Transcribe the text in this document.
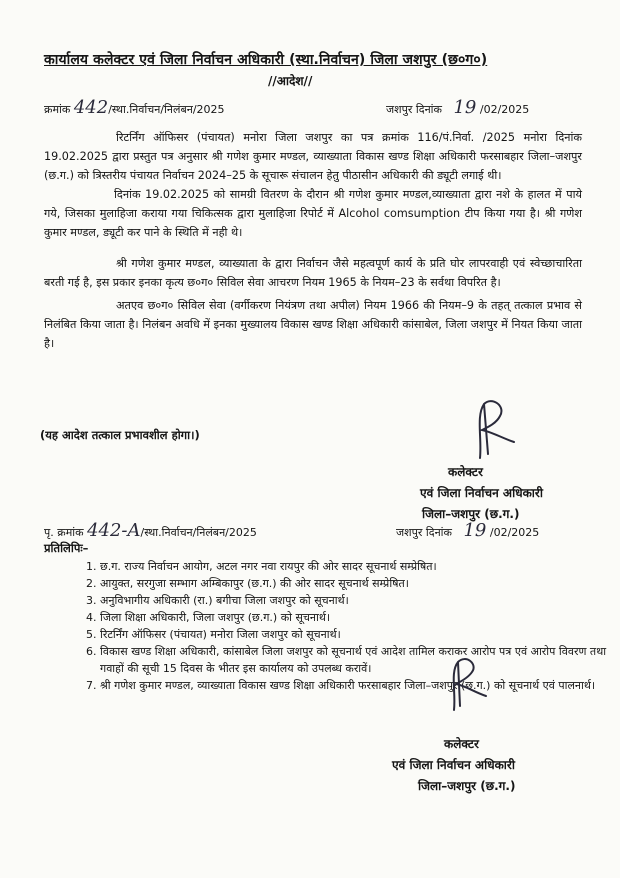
कार्यालय कलेक्टर एवं जिला निर्वाचन अधिकारी (स्था.निर्वाचन) जिला जशपुर (छ०ग०)
//आदेश//
क्रमांक 442/स्था.निर्वाचन/निलंबन/2025	जशपुर दिनांक 19 /02/2025

रिटर्निंग ऑफिसर (पंचायत) मनोरा जिला जशपुर का पत्र क्रमांक 116/पं.निर्वा. /2025 मनोरा दिनांक 19.02.2025 द्वारा प्रस्तुत पत्र अनुसार श्री गणेश कुमार मण्डल, व्याख्याता विकास खण्ड शिक्षा अधिकारी फरसाबहार जिला–जशपुर (छ.ग.) को त्रिस्तरीय पंचायत निर्वाचन 2024–25 के सूचारू संचालन हेतु पीठासीन अधिकारी की ड्यूटी लगाई थी।

दिनांक 19.02.2025 को सामग्री वितरण के दौरान श्री गणेश कुमार मण्डल,व्याख्याता द्वारा नशे के हालत में पाये गये, जिसका मुलाहिजा कराया गया चिकित्सक द्वारा मुलाहिजा रिपोर्ट में Alcohol comsumption टीप किया गया है। श्री गणेश कुमार मण्डल, ड्यूटी कर पाने के स्थिति में नही थे।

श्री गणेश कुमार मण्डल, व्याख्याता के द्वारा निर्वाचन जैसे महत्वपूर्ण कार्य के प्रति घोर लापरवाही एवं स्वेच्छाचारिता बरती गई है, इस प्रकार इनका कृत्य छ०ग० सिविल सेवा आचरण नियम 1965 के नियम–23 के सर्वथा विपरित है।

अतएव छ०ग० सिविल सेवा (वर्गीकरण नियंत्रण तथा अपील) नियम 1966 की नियम–9 के तहत् तत्काल प्रभाव से निलंबित किया जाता है। निलंबन अवधि में इनका मुख्यालय विकास खण्ड शिक्षा अधिकारी कांसाबेल, जिला जशपुर में नियत किया जाता है।

(यह आदेश तत्काल प्रभावशील होगा।)
कलेक्टर
एवं जिला निर्वाचन अधिकारी
जिला–जशपुर (छ.ग.)
पृ. क्रमांक 442-A/स्था.निर्वाचन/निलंबन/2025	जशपुर दिनांक 19 /02/2025
प्रतिलिपिः–
1. छ.ग. राज्य निर्वाचन आयोग, अटल नगर नवा रायपुर की ओर सादर सूचनार्थ सम्प्रेषित।
2. आयुक्त, सरगुजा सम्भाग अम्बिकापुर (छ.ग.) की ओर सादर सूचनार्थ सम्प्रेषित।
3. अनुविभागीय अधिकारी (रा.) बगीचा जिला जशपुर को सूचनार्थ।
4. जिला शिक्षा अधिकारी, जिला जशपुर (छ.ग.) को सूचनार्थ।
5. रिटर्निंग ऑफिसर (पंचायत) मनोरा जिला जशपुर को सूचनार्थ।
6. विकास खण्ड शिक्षा अधिकारी, कांसाबेल जिला जशपुर को सूचनार्थ एवं आदेश तामिल कराकर आरोप पत्र एवं आरोप विवरण तथा गवाहों की सूची 15 दिवस के भीतर इस कार्यालय को उपलब्ध करावें।
7. श्री गणेश कुमार मण्डल, व्याख्याता विकास खण्ड शिक्षा अधिकारी फरसाबहार जिला–जशपुर (छ.ग.) को सूचनार्थ एवं पालनार्थ।
कलेक्टर
एवं जिला निर्वाचन अधिकारी
जिला–जशपुर (छ.ग.)
